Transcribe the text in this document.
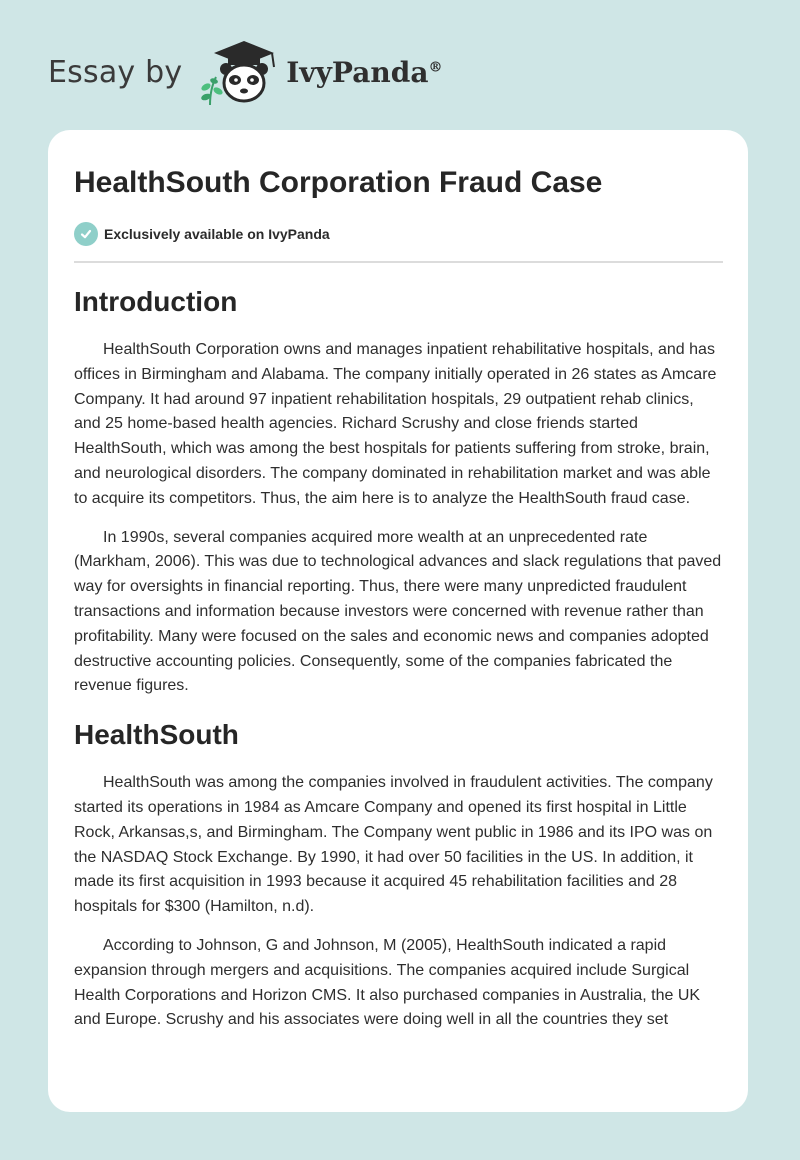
Essay by	IvyPanda®
HealthSouth Corporation Fraud Case
Exclusively available on IvyPanda
Introduction

HealthSouth Corporation owns and manages inpatient rehabilitative hospitals, and has offices in Birmingham and Alabama. The company initially operated in 26 states as Amcare Company. It had around 97 inpatient rehabilitation hospitals, 29 outpatient rehab clinics, and 25 home-based health agencies. Richard Scrushy and close friends started HealthSouth, which was among the best hospitals for patients suffering from stroke, brain, and neurological disorders. The company dominated in rehabilitation market and was able to acquire its competitors. Thus, the aim here is to analyze the HealthSouth fraud case.

In 1990s, several companies acquired more wealth at an unprecedented rate (Markham, 2006). This was due to technological advances and slack regulations that paved way for oversights in financial reporting. Thus, there were many unpredicted fraudulent transactions and information because investors were concerned with revenue rather than profitability. Many were focused on the sales and economic news and companies adopted destructive accounting policies. Consequently, some of the companies fabricated the revenue figures.

HealthSouth

HealthSouth was among the companies involved in fraudulent activities. The company started its operations in 1984 as Amcare Company and opened its first hospital in Little Rock, Arkansas,s, and Birmingham. The Company went public in 1986 and its IPO was on the NASDAQ Stock Exchange. By 1990, it had over 50 facilities in the US. In addition, it made its first acquisition in 1993 because it acquired 45 rehabilitation facilities and 28 hospitals for $300 (Hamilton, n.d).

According to Johnson, G and Johnson, M (2005), HealthSouth indicated a rapid expansion through mergers and acquisitions. The companies acquired include Surgical Health Corporations and Horizon CMS. It also purchased companies in Australia, the UK and Europe. Scrushy and his associates were doing well in all the countries they set
